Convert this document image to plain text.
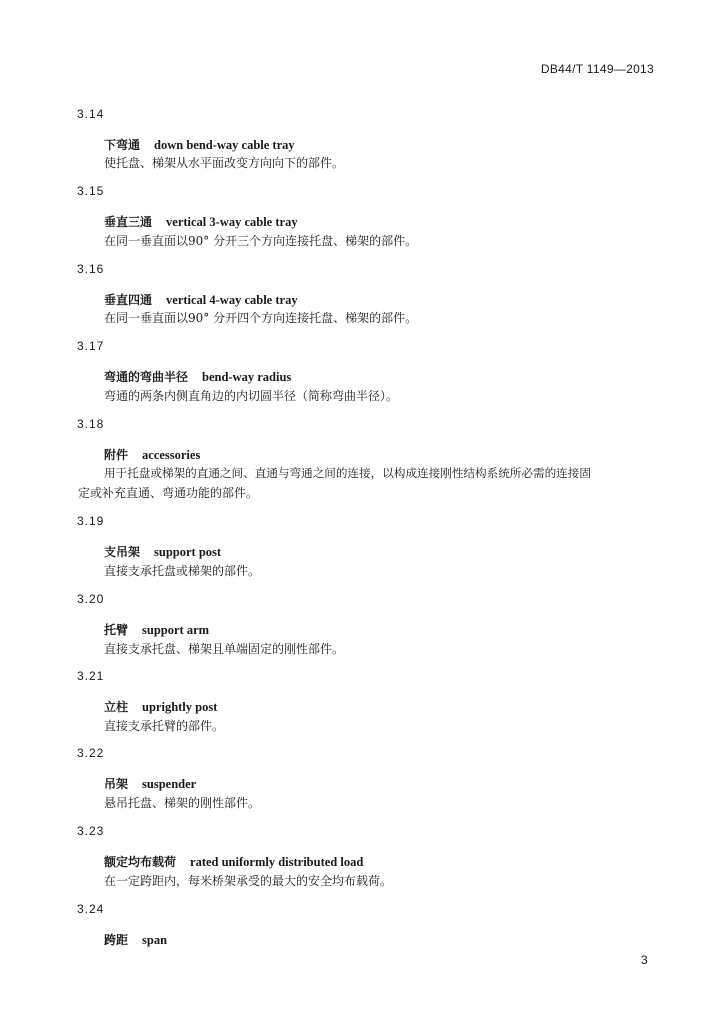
DB44/T 1149—2013
3.14
下弯通 down bend-way cable tray
使托盘、梯架从水平面改变方向向下的部件。
3.15
垂直三通 vertical 3-way cable tray
在同一垂直面以90° 分开三个方向连接托盘、梯架的部件。
3.16
垂直四通 vertical 4-way cable tray
在同一垂直面以90° 分开四个方向连接托盘、梯架的部件。
3.17
弯通的弯曲半径 bend-way radius
弯通的两条内侧直角边的内切圆半径（简称弯曲半径）。
3.18
附件 accessories
用于托盘或梯架的直通之间、直通与弯通之间的连接，以构成连接刚性结构系统所必需的连接固
定或补充直通、弯通功能的部件。
3.19
支吊架 support post
直接支承托盘或梯架的部件。
3.20
托臂 support arm
直接支承托盘、梯架且单端固定的刚性部件。
3.21
立柱 uprightly post
直接支承托臂的部件。
3.22
吊架 suspender
悬吊托盘、梯架的刚性部件。
3.23
额定均布载荷 rated uniformly distributed load
在一定跨距内，每米桥架承受的最大的安全均布载荷。
3.24
跨距 span
3
